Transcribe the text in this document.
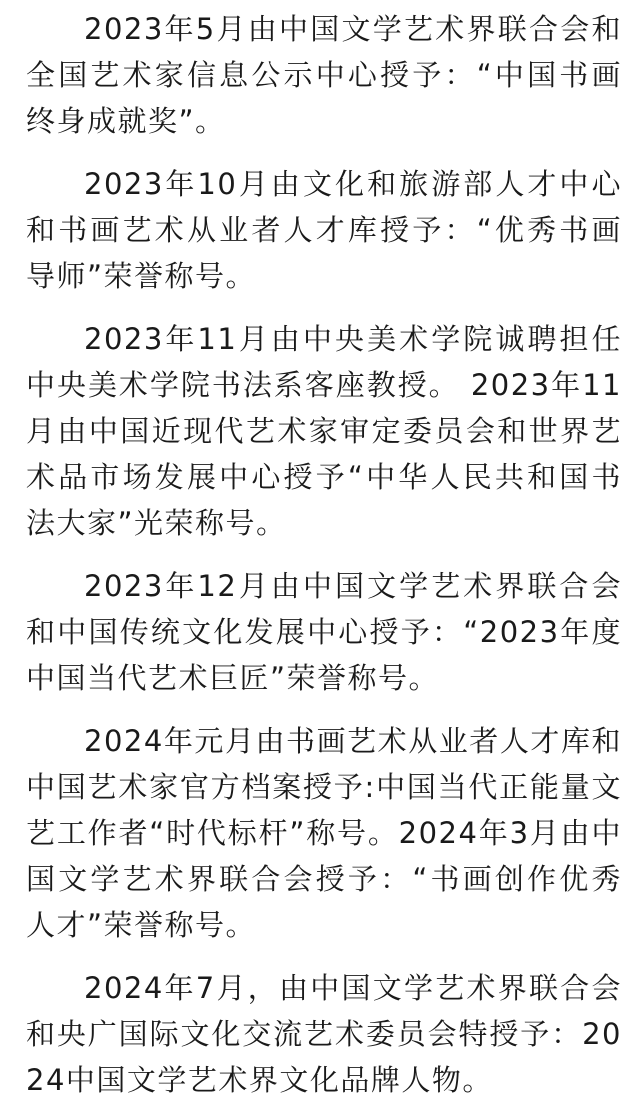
2023年5月由中国文学艺术界联合会和全国艺术家信息公示中心授予：“中国书画终身成就奖”。

2023年10月由文化和旅游部人才中心和书画艺术从业者人才库授予：“优秀书画导师”荣誉称号。

2023年11月由中央美术学院诚聘担任中央美术学院书法系客座教授。 2023年11月由中国近现代艺术家审定委员会和世界艺术品市场发展中心授予“中华人民共和国书法大家”光荣称号。

2023年12月由中国文学艺术界联合会和中国传统文化发展中心授予：“2023年度中国当代艺术巨匠”荣誉称号。

2024年元月由书画艺术从业者人才库和中国艺术家官方档案授予:中国当代正能量文艺工作者“时代标杆”称号。2024年3月由中国文学艺术界联合会授予：“书画创作优秀人才”荣誉称号。

2024年7月，由中国文学艺术界联合会和央广国际文化交流艺术委员会特授予：2024中国文学艺术界文化品牌人物。
